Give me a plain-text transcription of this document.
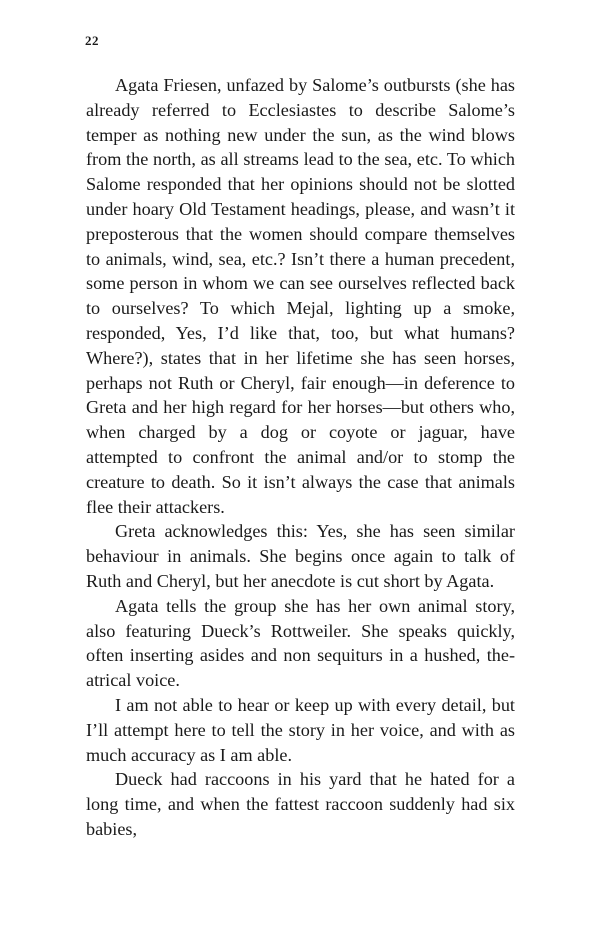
22

Agata Friesen, unfazed by Salome’s outbursts (she has already referred to Ecclesiastes to describe Salome’s temper as nothing new under the sun, as the wind blows from the north, as all streams lead to the sea, etc. To which Salome responded that her opinions should not be slotted under hoary Old Testament headings, please, and wasn’t it preposterous that the women should compare themselves to animals, wind, sea, etc.? Isn’t there a human precedent, some person in whom we can see ourselves reflected back to ourselves? To which Mejal, lighting up a smoke, responded, Yes, I’d like that, too, but what humans? Where?), states that in her lifetime she has seen horses, perhaps not Ruth or Cheryl, fair enough—in deference to Greta and her high regard for her horses—but others who, when charged by a dog or coyote or jaguar, have attempted to confront the animal and/or to stomp the creature to death. So it isn’t always the case that animals flee their attackers.

Greta acknowledges this: Yes, she has seen similar behaviour in animals. She begins once again to talk of Ruth and Cheryl, but her anecdote is cut short by Agata.

Agata tells the group she has her own animal story, also featuring Dueck’s Rottweiler. She speaks quickly, often inserting asides and non sequiturs in a hushed, theatrical voice.

I am not able to hear or keep up with every detail, but I’ll attempt here to tell the story in her voice, and with as much accuracy as I am able.

Dueck had raccoons in his yard that he hated for a long time, and when the fattest raccoon suddenly had six babies,
